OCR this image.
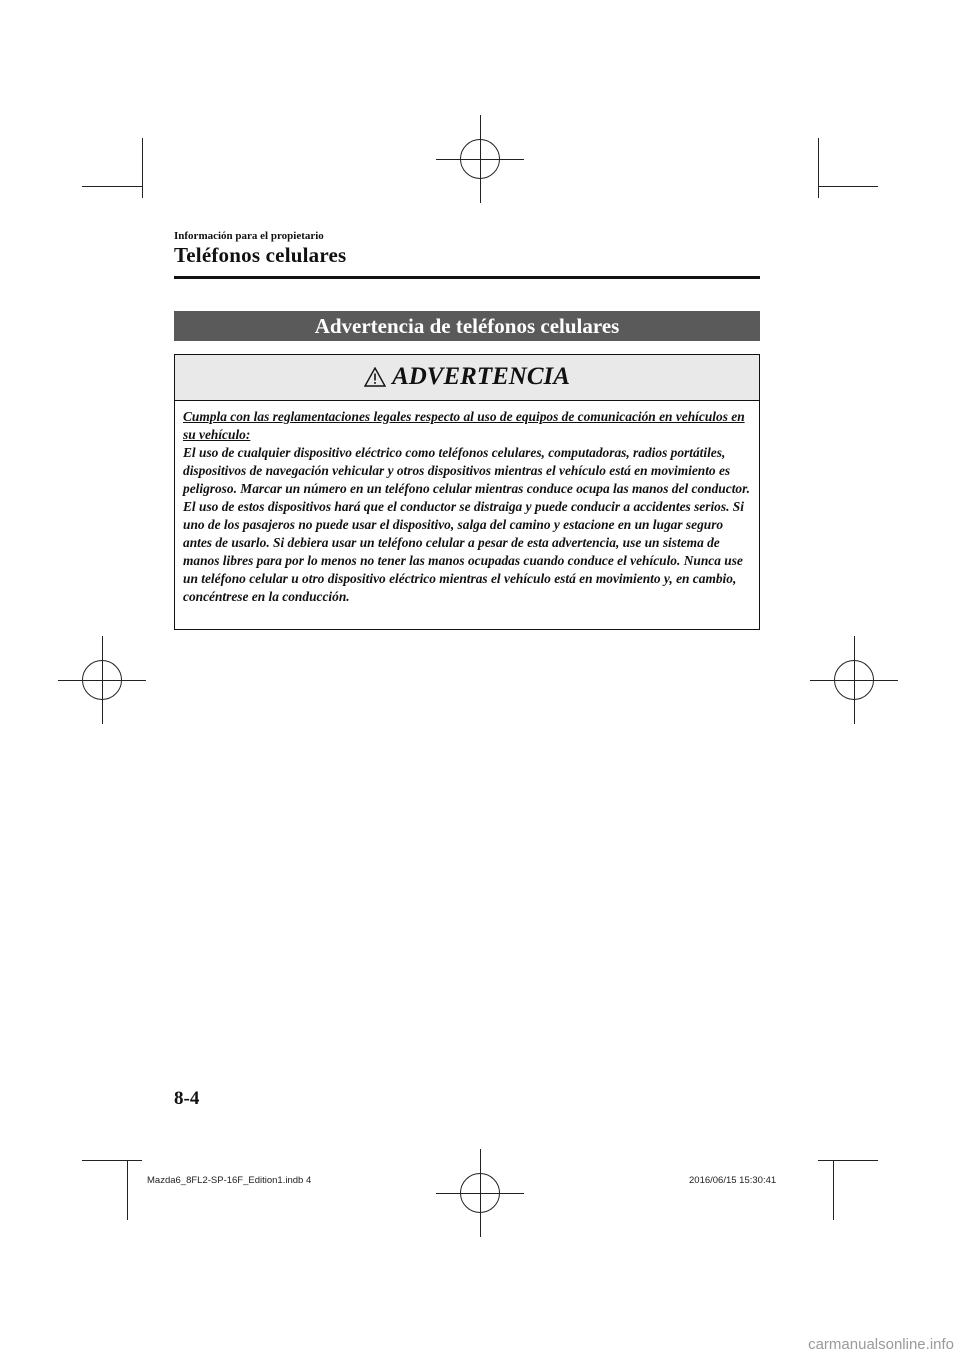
Información para el propietario
Teléfonos celulares
Advertencia de teléfonos celulares
ADVERTENCIA
Cumpla con las reglamentaciones legales respecto al uso de equipos de comunicación en vehículos en su vehículo:
El uso de cualquier dispositivo eléctrico como teléfonos celulares, computadoras, radios portátiles, dispositivos de navegación vehicular y otros dispositivos mientras el vehículo está en movimiento es peligroso. Marcar un número en un teléfono celular mientras conduce ocupa las manos del conductor. El uso de estos dispositivos hará que el conductor se distraiga y puede conducir a accidentes serios. Si uno de los pasajeros no puede usar el dispositivo, salga del camino y estacione en un lugar seguro antes de usarlo. Si debiera usar un teléfono celular a pesar de esta advertencia, use un sistema de manos libres para por lo menos no tener las manos ocupadas cuando conduce el vehículo. Nunca use un teléfono celular u otro dispositivo eléctrico mientras el vehículo está en movimiento y, en cambio, concéntrese en la conducción.
8-4
Mazda6_8FL2-SP-16F_Edition1.indb 4	2016/06/15 15:30:41
carmanualsonline.info
